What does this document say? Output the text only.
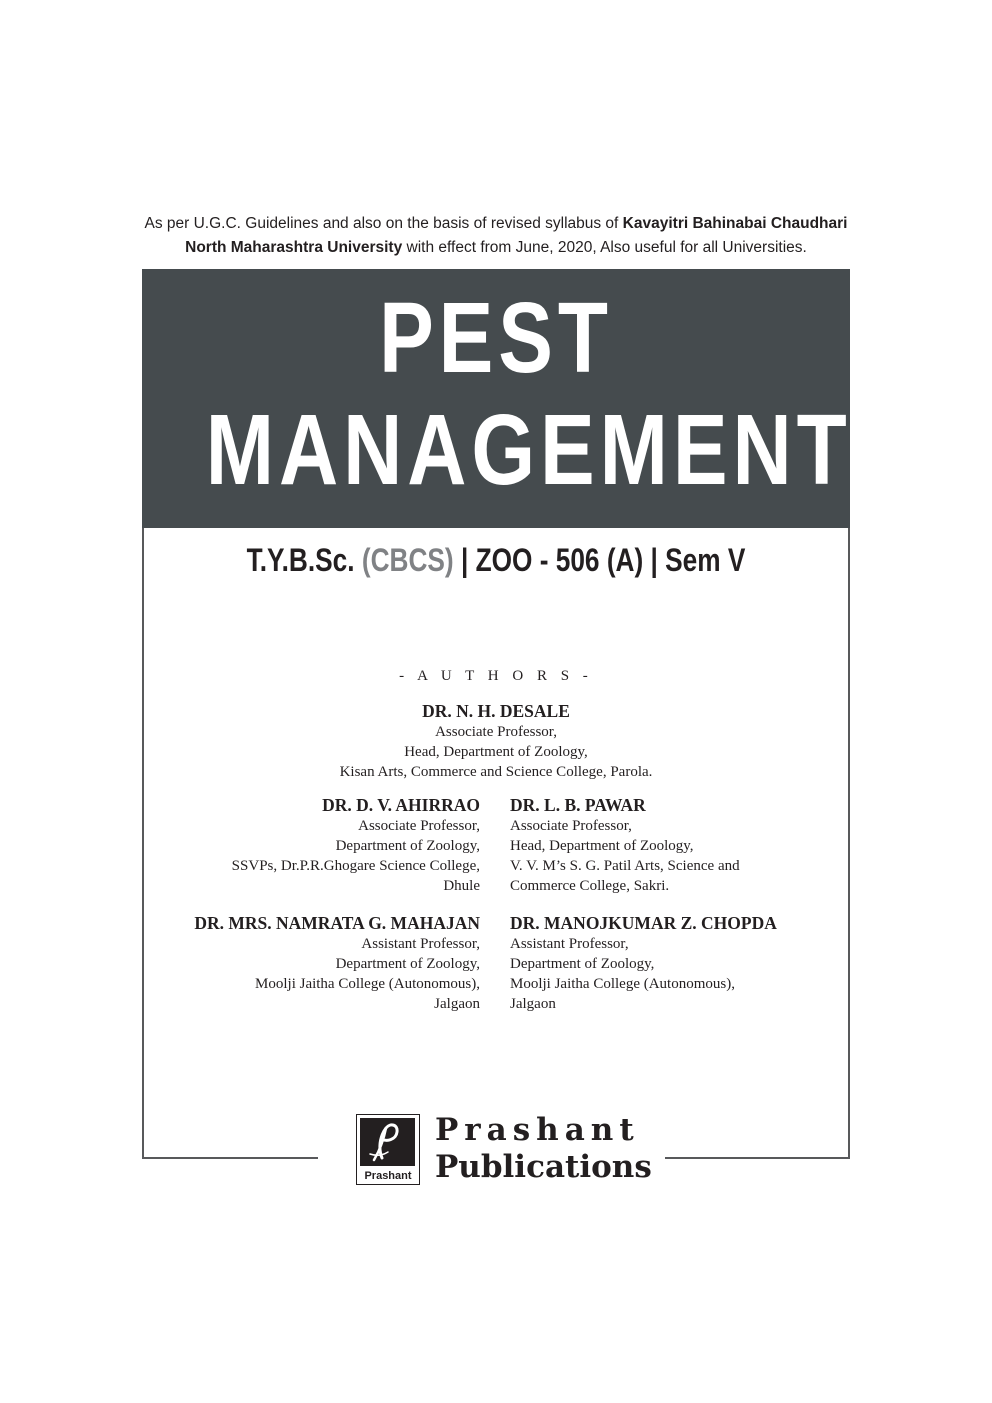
As per U.G.C. Guidelines and also on the basis of revised syllabus of Kavayitri Bahinabai Chaudhari
North Maharashtra University with effect from June, 2020, Also useful for all Universities.
PEST
MANAGEMENT
T.Y.B.Sc. (CBCS) | ZOO - 506 (A) | Sem V
- A U T H O R S -
DR. N. H. DESALE
Associate Professor,
Head, Department of Zoology,
Kisan Arts, Commerce and Science College, Parola.
DR. D. V. AHIRRAO
Associate Professor,
Department of Zoology,
SSVPs, Dr.P.R.Ghogare Science College,
Dhule
DR. L. B. PAWAR
Associate Professor,
Head, Department of Zoology,
V. V. M’s S. G. Patil Arts, Science and
Commerce College, Sakri.
DR. MRS. NAMRATA G. MAHAJAN
Assistant Professor,
Department of Zoology,
Moolji Jaitha College (Autonomous),
Jalgaon
DR. MANOJKUMAR Z. CHOPDA
Assistant Professor,
Department of Zoology,
Moolji Jaitha College (Autonomous),
Jalgaon
Prashant
Prashant
Publications
